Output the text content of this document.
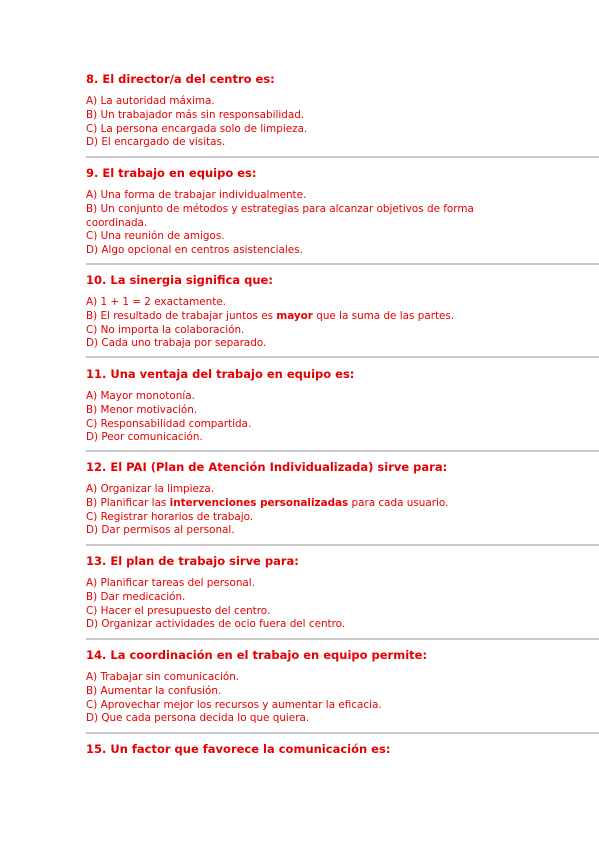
8. El director/a del centro es:

A) La autoridad máxima.

B) Un trabajador más sin responsabilidad.

C) La persona encargada solo de limpieza.

D) El encargado de visitas.

9. El trabajo en equipo es:

A) Una forma de trabajar individualmente.

B) Un conjunto de métodos y estrategias para alcanzar objetivos de forma coordinada.

C) Una reunión de amigos.

D) Algo opcional en centros asistenciales.

10. La sinergia significa que:

A) 1 + 1 = 2 exactamente.

B) El resultado de trabajar juntos es mayor que la suma de las partes.

C) No importa la colaboración.

D) Cada uno trabaja por separado.

11. Una ventaja del trabajo en equipo es:

A) Mayor monotonía.

B) Menor motivación.

C) Responsabilidad compartida.

D) Peor comunicación.

12. El PAI (Plan de Atención Individualizada) sirve para:

A) Organizar la limpieza.

B) Planificar las intervenciones personalizadas para cada usuario.

C) Registrar horarios de trabajo.

D) Dar permisos al personal.

13. El plan de trabajo sirve para:

A) Planificar tareas del personal.

B) Dar medicación.

C) Hacer el presupuesto del centro.

D) Organizar actividades de ocio fuera del centro.

14. La coordinación en el trabajo en equipo permite:

A) Trabajar sin comunicación.

B) Aumentar la confusión.

C) Aprovechar mejor los recursos y aumentar la eficacia.

D) Que cada persona decida lo que quiera.

15. Un factor que favorece la comunicación es:
